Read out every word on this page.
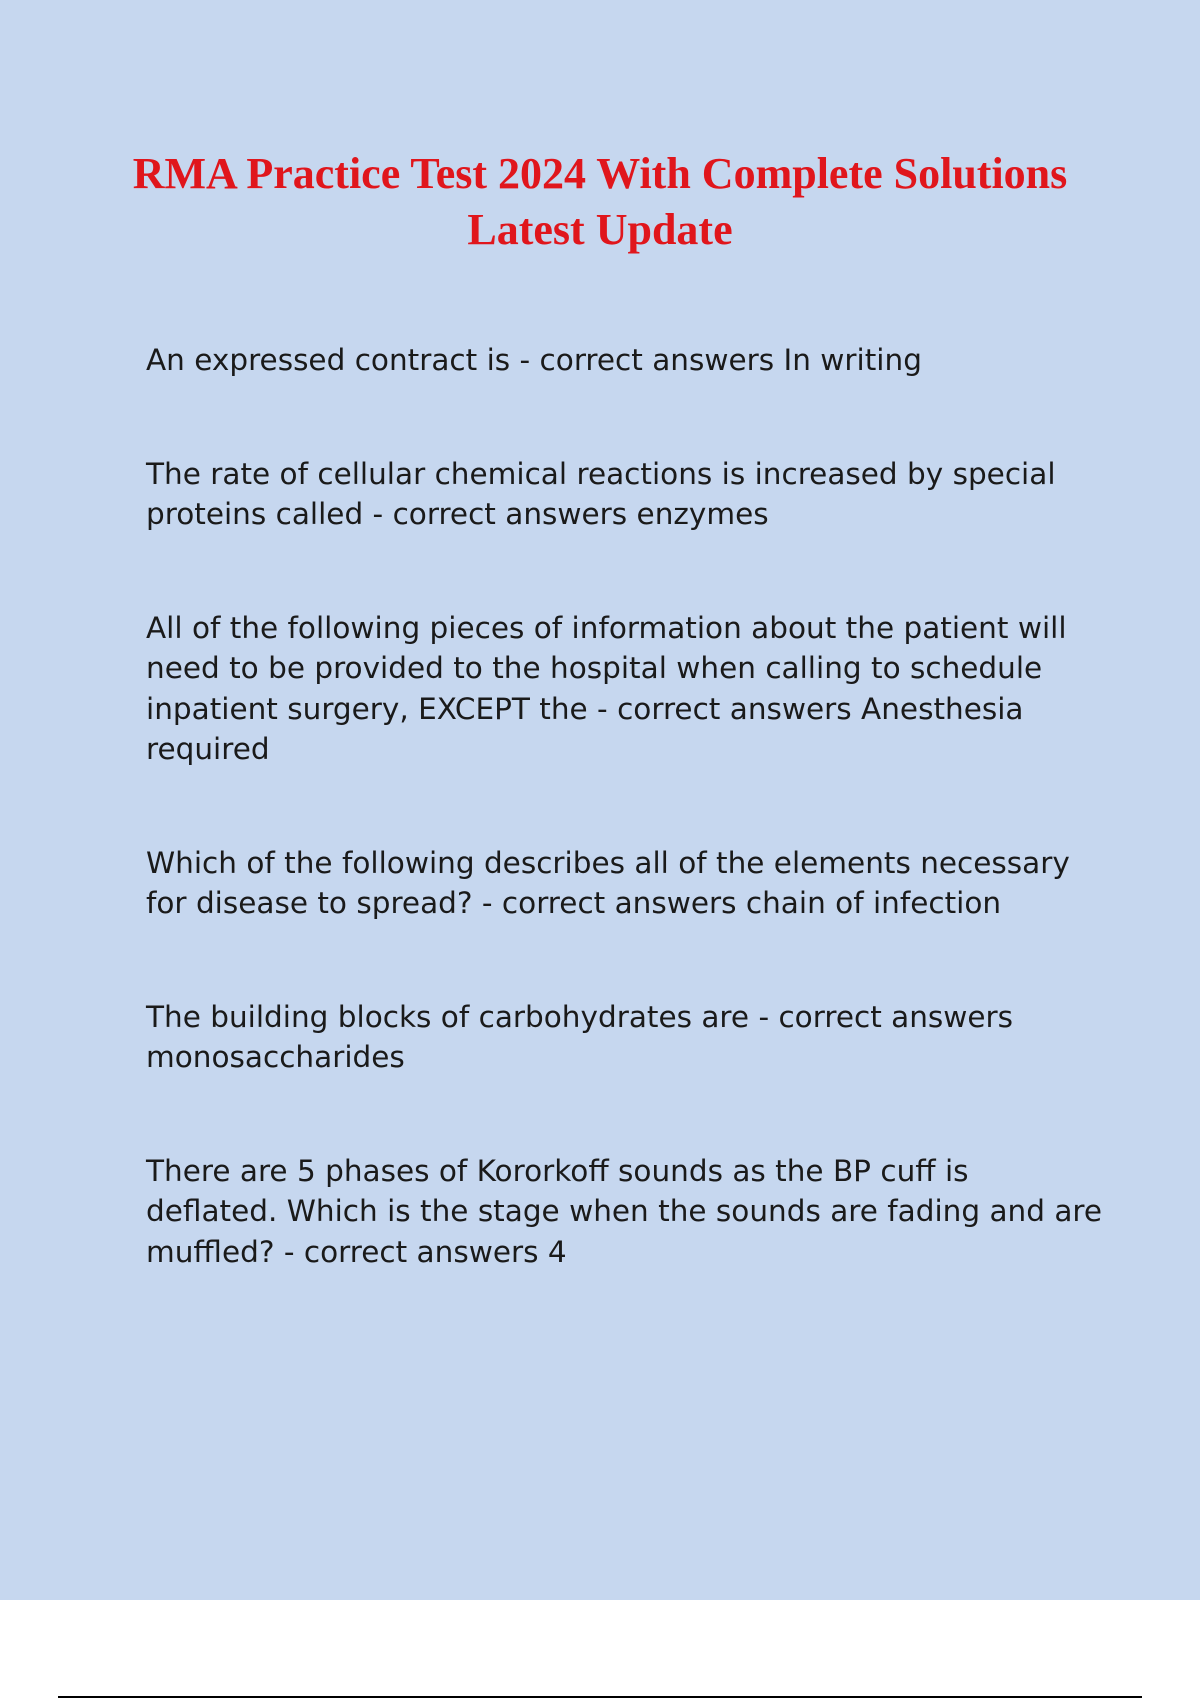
RMA Practice Test 2024 With Complete Solutions Latest Update

An expressed contract is - correct answers In writing

The rate of cellular chemical reactions is increased by special proteins called - correct answers enzymes

All of the following pieces of information about the patient will need to be provided to the hospital when calling to schedule inpatient surgery, EXCEPT the - correct answers Anesthesia required

Which of the following describes all of the elements necessary for disease to spread? - correct answers chain of infection

The building blocks of carbohydrates are - correct answers monosaccharides

There are 5 phases of Kororkoff sounds as the BP cuff is deflated. Which is the stage when the sounds are fading and are muffled? - correct answers 4
